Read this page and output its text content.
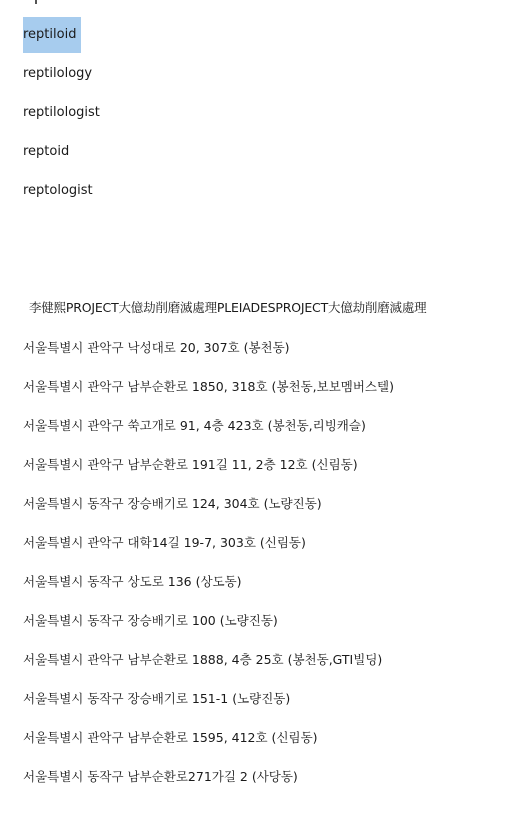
reptiloid
reptilology
reptilologist
reptoid
reptologist
李健熙PROJECT大億劫削磨滅處理PLEIADESPROJECT大億劫削磨滅處理
서울특별시 관악구 낙성대로 20, 307호 (봉천동)
서울특별시 관악구 남부순환로 1850, 318호 (봉천동,보보멤버스텔)
서울특별시 관악구 쑥고개로 91, 4층 423호 (봉천동,리빙캐슬)
서울특별시 관악구 남부순환로 191길 11, 2층 12호 (신림동)
서울특별시 동작구 장승배기로 124, 304호 (노량진동)
서울특별시 관악구 대학14길 19-7, 303호 (신림동)
서울특별시 동작구 상도로 136 (상도동)
서울특별시 동작구 장승배기로 100 (노량진동)
서울특별시 관악구 남부순환로 1888, 4층 25호 (봉천동,GTI빌딩)
서울특별시 동작구 장승배기로 151-1 (노량진동)
서울특별시 관악구 남부순환로 1595, 412호 (신림동)
서울특별시 동작구 남부순환로271가길 2 (사당동)
